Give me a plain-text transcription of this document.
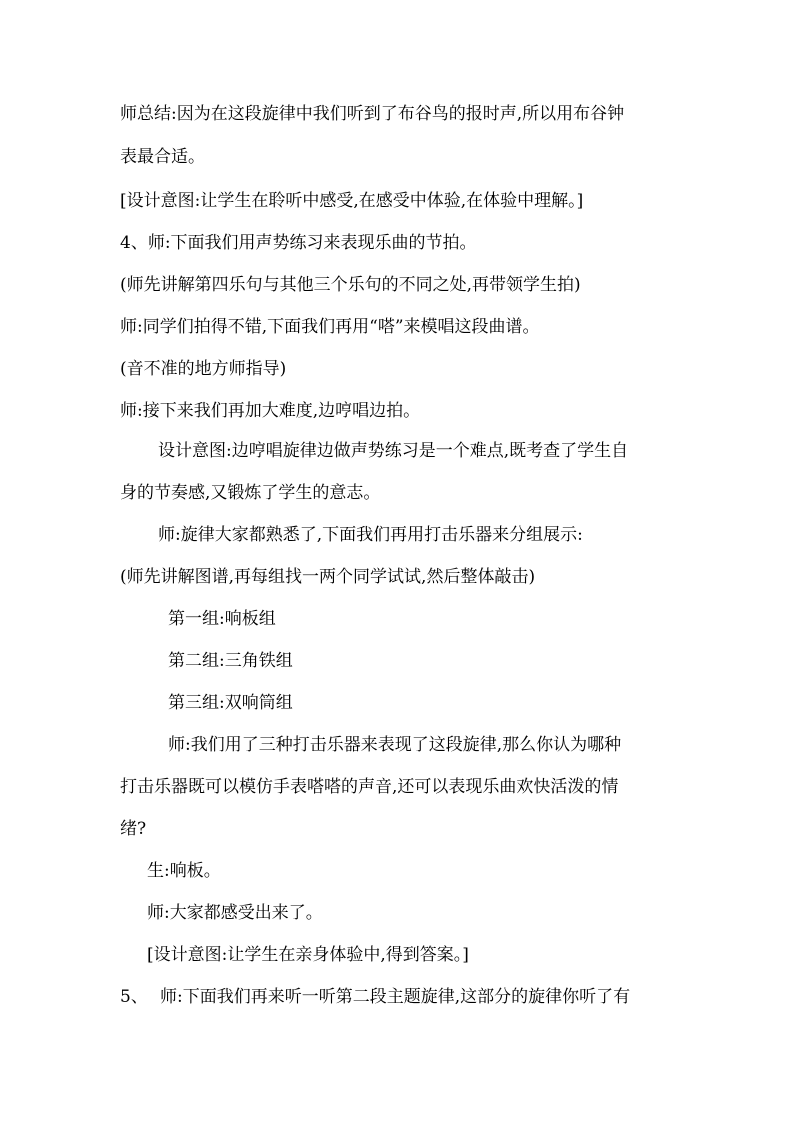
师总结:因为在这段旋律中我们听到了布谷鸟的报时声,所以用布谷钟
表最合适。
[设计意图:让学生在聆听中感受,在感受中体验,在体验中理解。]
4、师:下面我们用声势练习来表现乐曲的节拍。
(师先讲解第四乐句与其他三个乐句的不同之处,再带领学生拍)
师:同学们拍得不错,下面我们再用“嗒”来模唱这段曲谱。
(音不准的地方师指导)
师:接下来我们再加大难度,边哼唱边拍。
设计意图:边哼唱旋律边做声势练习是一个难点,既考查了学生自
身的节奏感,又锻炼了学生的意志。
师:旋律大家都熟悉了,下面我们再用打击乐器来分组展示:
(师先讲解图谱,再每组找一两个同学试试,然后整体敲击)
第一组:响板组
第二组:三角铁组
第三组:双响筒组
师:我们用了三种打击乐器来表现了这段旋律,那么你认为哪种
打击乐器既可以模仿手表嗒嗒的声音,还可以表现乐曲欢快活泼的情
绪?
生:响板。
师:大家都感受出来了。
[设计意图:让学生在亲身体验中,得到答案。]
5、 师:下面我们再来听一听第二段主题旋律,这部分的旋律你听了有
